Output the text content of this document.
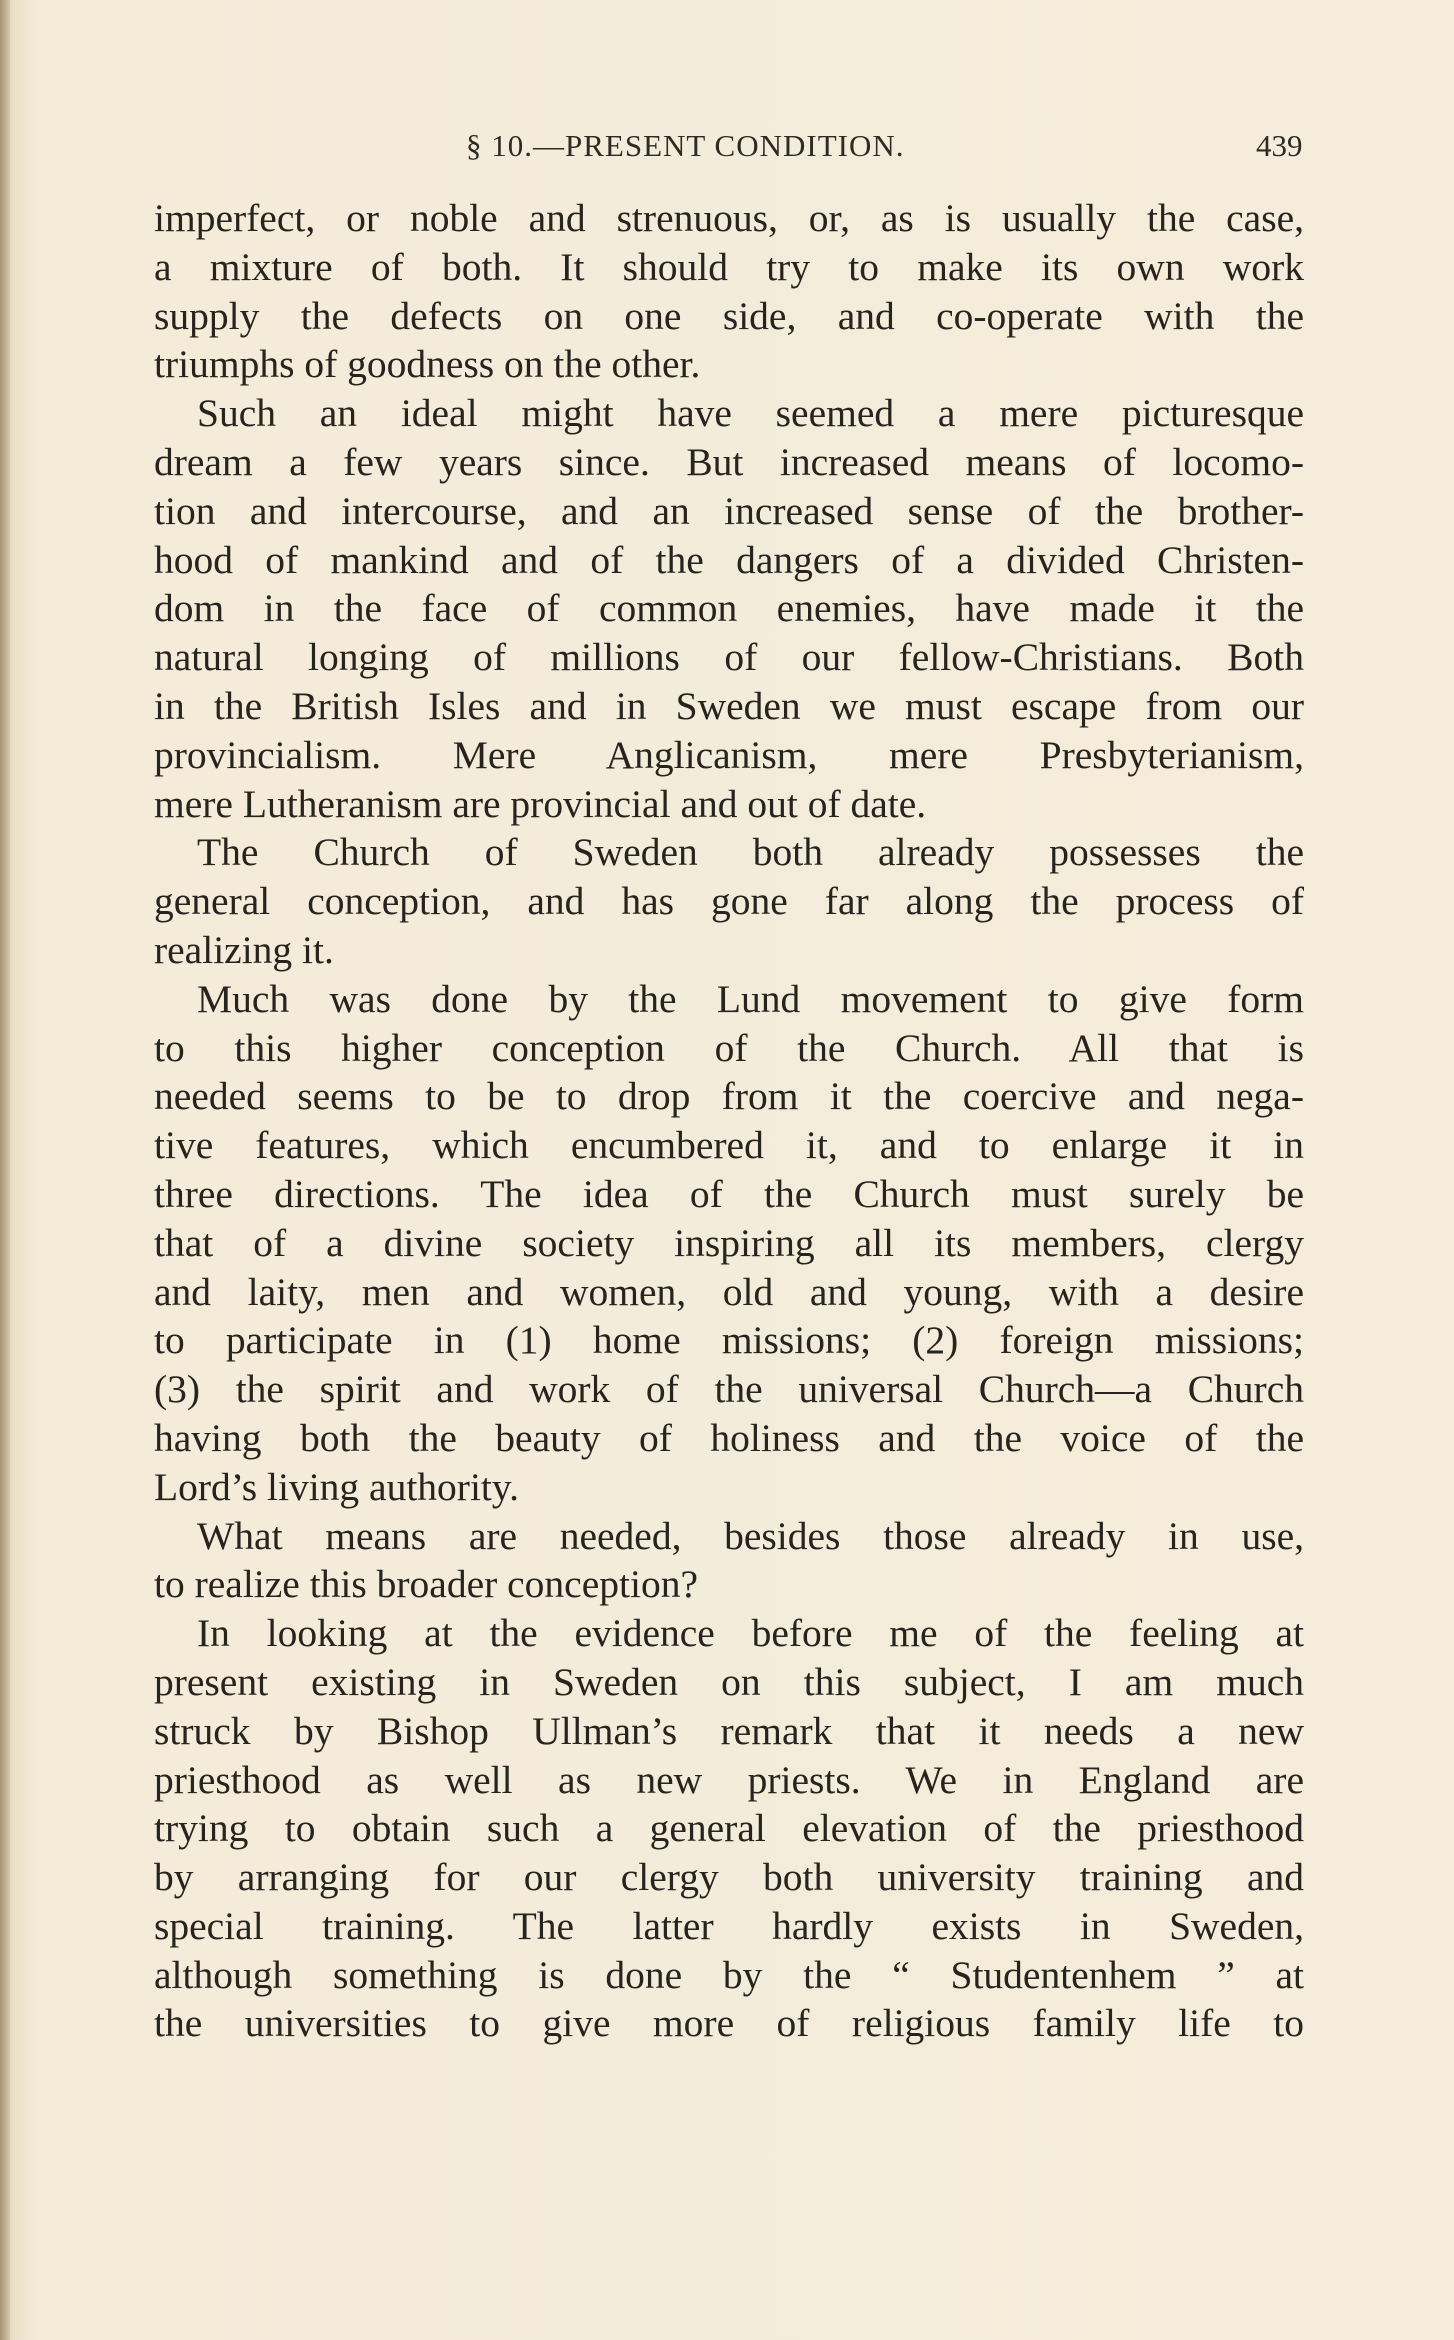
§ 10.—PRESENT CONDITION.	439
imperfect, or noble and strenuous, or, as is usually the case,
a mixture of both. It should try to make its own work
supply the defects on one side, and co-operate with the
triumphs of goodness on the other.
Such an ideal might have seemed a mere picturesque
dream a few years since. But increased means of locomo-
tion and intercourse, and an increased sense of the brother-
hood of mankind and of the dangers of a divided Christen-
dom in the face of common enemies, have made it the
natural longing of millions of our fellow-Christians. Both
in the British Isles and in Sweden we must escape from our
provincialism. Mere Anglicanism, mere Presbyterianism,
mere Lutheranism are provincial and out of date.
The Church of Sweden both already possesses the
general conception, and has gone far along the process of
realizing it.
Much was done by the Lund movement to give form
to this higher conception of the Church. All that is
needed seems to be to drop from it the coercive and nega-
tive features, which encumbered it, and to enlarge it in
three directions. The idea of the Church must surely be
that of a divine society inspiring all its members, clergy
and laity, men and women, old and young, with a desire
to participate in (1) home missions; (2) foreign missions;
(3) the spirit and work of the universal Church—a Church
having both the beauty of holiness and the voice of the
Lord’s living authority.
What means are needed, besides those already in use,
to realize this broader conception?
In looking at the evidence before me of the feeling at
present existing in Sweden on this subject, I am much
struck by Bishop Ullman’s remark that it needs a new
priesthood as well as new priests. We in England are
trying to obtain such a general elevation of the priesthood
by arranging for our clergy both university training and
special training. The latter hardly exists in Sweden,
although something is done by the “ Studentenhem ” at
the universities to give more of religious family life to
